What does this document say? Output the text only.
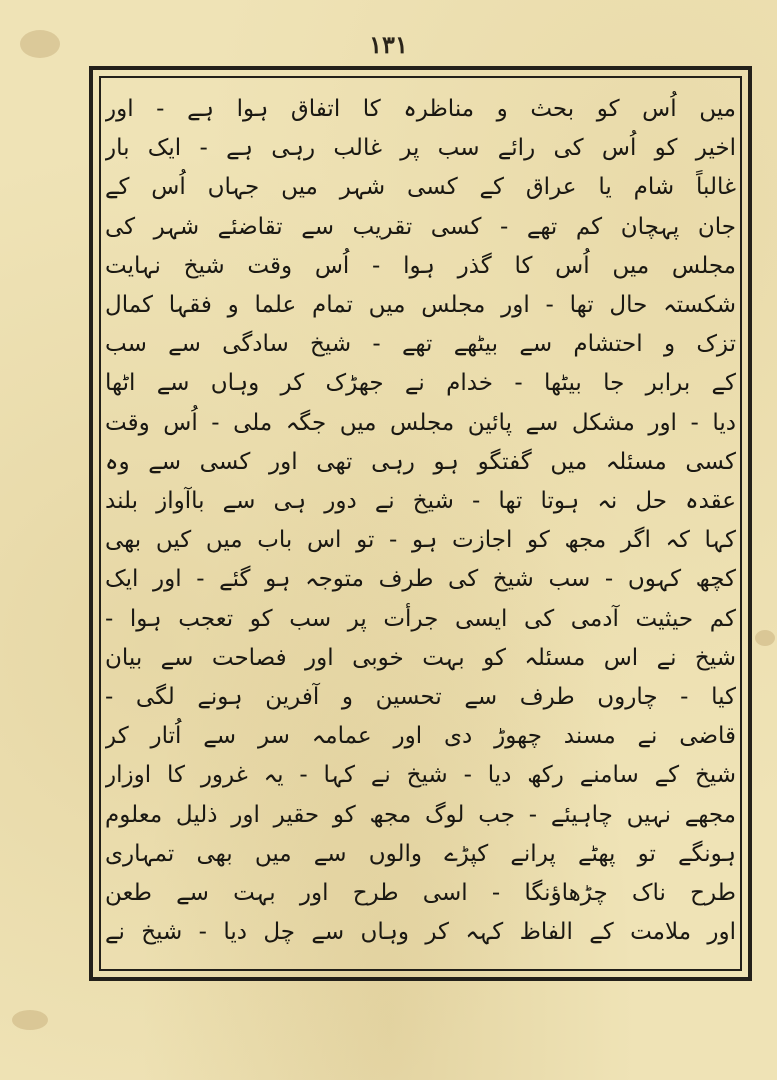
۱۳۱
میں اُس کو بحث و مناظرہ کا اتفاق ہوا ہے - اور
اخیر کو اُس کی رائے سب پر غالب رہی ہے - ایک بار
غالباً شام یا عراق کے کسی شہر میں جہاں اُس کے
جان پہچان کم تھے - کسی تقریب سے تقاضئے شہر کی
مجلس میں اُس کا گذر ہوا - اُس وقت شیخ نہایت
شکستہ حال تھا - اور مجلس میں تمام علما و فقہا کمال
تزک و احتشام سے بیٹھے تھے - شیخ سادگی سے سب
کے برابر جا بیٹھا - خدام نے جھڑک کر وہاں سے اٹھا
دیا - اور مشکل سے پائین مجلس میں جگہ ملی - اُس وقت
کسی مسئلہ میں گفتگو ہو رہی تھی اور کسی سے وہ
عقدہ حل نہ ہوتا تھا - شیخ نے دور ہی سے باآواز بلند
کہا کہ اگر مجھ کو اجازت ہو - تو اس باب میں کیں بھی
کچھ کہوں - سب شیخ کی طرف متوجہ ہو گئے - اور ایک
کم حیثیت آدمی کی ایسی جرأت پر سب کو تعجب ہوا -
شیخ نے اس مسئلہ کو بہت خوبی اور فصاحت سے بیان
کیا - چاروں طرف سے تحسین و آفرین ہونے لگی -
قاضی نے مسند چھوڑ دی اور عمامہ سر سے اُتار کر
شیخ کے سامنے رکھ دیا - شیخ نے کہا - یہ غرور کا اوزار
مجھے نہیں چاہیئے - جب لوگ مجھ کو حقیر اور ذلیل معلوم
ہونگے تو پھٹے پرانے کپڑے والوں سے میں بھی تمہاری
طرح ناک چڑھاؤنگا - اسی طرح اور بہت سے طعن
اور ملامت کے الفاظ کہہ کر وہاں سے چل دیا - شیخ نے
